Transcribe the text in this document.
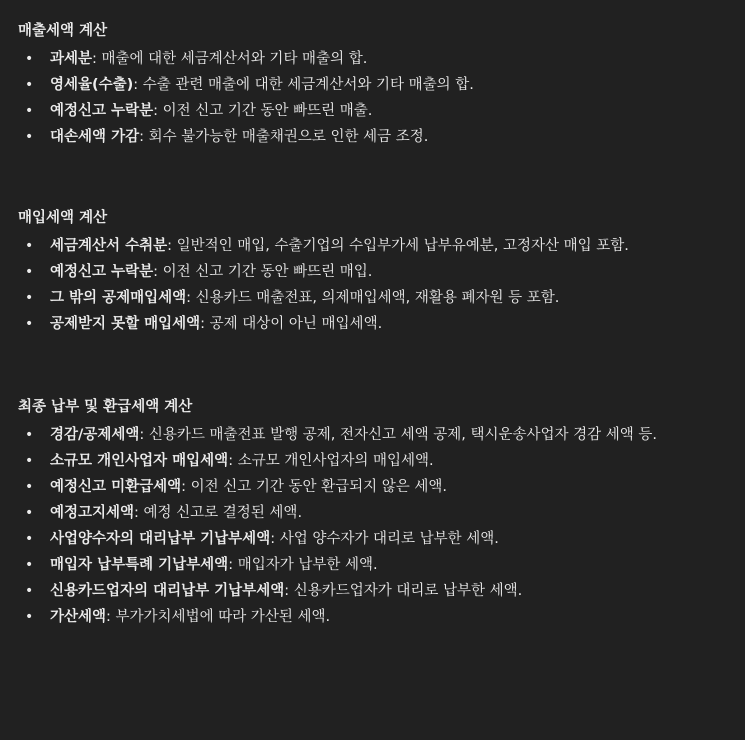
매출세액 계산
• 과세분: 매출에 대한 세금계산서와 기타 매출의 합.
• 영세율(수출): 수출 관련 매출에 대한 세금계산서와 기타 매출의 합.
• 예정신고 누락분: 이전 신고 기간 동안 빠뜨린 매출.
• 대손세액 가감: 회수 불가능한 매출채권으로 인한 세금 조정.
매입세액 계산
• 세금계산서 수취분: 일반적인 매입, 수출기업의 수입부가세 납부유예분, 고정자산 매입 포함.
• 예정신고 누락분: 이전 신고 기간 동안 빠뜨린 매입.
• 그 밖의 공제매입세액: 신용카드 매출전표, 의제매입세액, 재활용 폐자원 등 포함.
• 공제받지 못할 매입세액: 공제 대상이 아닌 매입세액.
최종 납부 및 환급세액 계산
• 경감/공제세액: 신용카드 매출전표 발행 공제, 전자신고 세액 공제, 택시운송사업자 경감 세액 등.
• 소규모 개인사업자 매입세액: 소규모 개인사업자의 매입세액.
• 예정신고 미환급세액: 이전 신고 기간 동안 환급되지 않은 세액.
• 예정고지세액: 예정 신고로 결정된 세액.
• 사업양수자의 대리납부 기납부세액: 사업 양수자가 대리로 납부한 세액.
• 매입자 납부특례 기납부세액: 매입자가 납부한 세액.
• 신용카드업자의 대리납부 기납부세액: 신용카드업자가 대리로 납부한 세액.
• 가산세액: 부가가치세법에 따라 가산된 세액.
